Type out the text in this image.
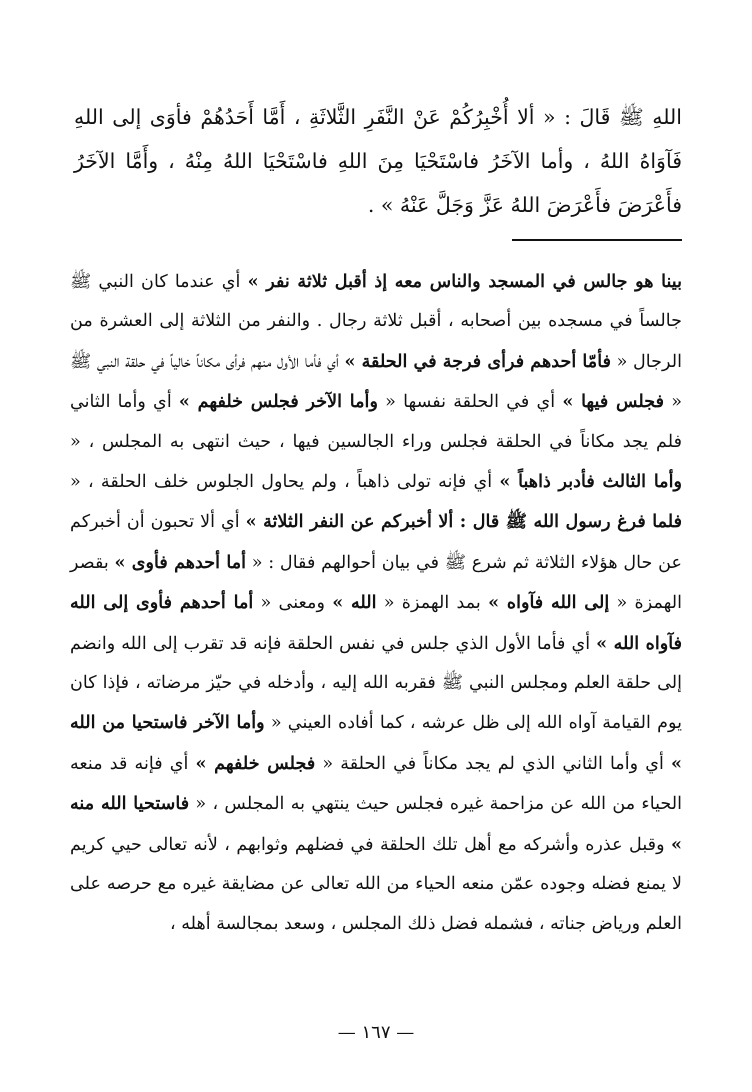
اللهِ ﷺ قَالَ : « ألا أُخْبِرُكُمْ عَنْ النَّفَرِ الثَّلاثَةِ ، أَمَّا أَحَدُهُمْ فأوَى إلى اللهِ فَآوَاهُ اللهُ ، وأما الآخَرُ فاسْتَحْيَا مِنَ اللهِ فاسْتَحْيَا اللهُ مِنْهُ ، وأَمَّا الآخَرُ فأَعْرَضَ فأَعْرَضَ اللهُ عَزَّ وَجَلَّ عَنْهُ » .

بينا هو جالس في المسجد والناس معه إذ أقبل ثلاثة نفر » أي عندما كان النبي ﷺ جالساً في مسجده بين أصحابه ، أقبل ثلاثة رجال . والنفر من الثلاثة إلى العشرة من الرجال « فأمّا أحدهم فرأى فرجة في الحلقة » أي فأما الأول منهم فرأى مكاناً خالياً في حلقة النبي ﷺ « فجلس فيها » أي في الحلقة نفسها « وأما الآخر فجلس خلفهم » أي وأما الثاني فلم يجد مكاناً في الحلقة فجلس وراء الجالسين فيها ، حيث انتهى به المجلس ، « وأما الثالث فأدبر ذاهباً » أي فإنه تولى ذاهباً ، ولم يحاول الجلوس خلف الحلقة ، « فلما فرغ رسول الله ﷺ قال : ألا أخبركم عن النفر الثلاثة » أي ألا تحبون أن أخبركم عن حال هؤلاء الثلاثة ثم شرع ﷺ في بيان أحوالهم فقال : « أما أحدهم فأوى » بقصر الهمزة « إلى الله فآواه » بمد الهمزة « الله » ومعنى « أما أحدهم فأوى إلى الله فآواه الله » أي فأما الأول الذي جلس في نفس الحلقة فإنه قد تقرب إلى الله وانضم إلى حلقة العلم ومجلس النبي ﷺ فقربه الله إليه ، وأدخله في حيّز مرضاته ، فإذا كان يوم القيامة آواه الله إلى ظل عرشه ، كما أفاده العيني « وأما الآخر فاستحيا من الله » أي وأما الثاني الذي لم يجد مكاناً في الحلقة « فجلس خلفهم » أي فإنه قد منعه الحياء من الله عن مزاحمة غيره فجلس حيث ينتهي به المجلس ، « فاستحيا الله منه » وقبل عذره وأشركه مع أهل تلك الحلقة في فضلهم وثوابهم ، لأنه تعالى حيي كريم لا يمنع فضله وجوده عمّن منعه الحياء من الله تعالى عن مضايقة غيره مع حرصه على العلم ورياض جناته ، فشمله فضل ذلك المجلس ، وسعد بمجالسة أهله ،

— ١٦٧ —
